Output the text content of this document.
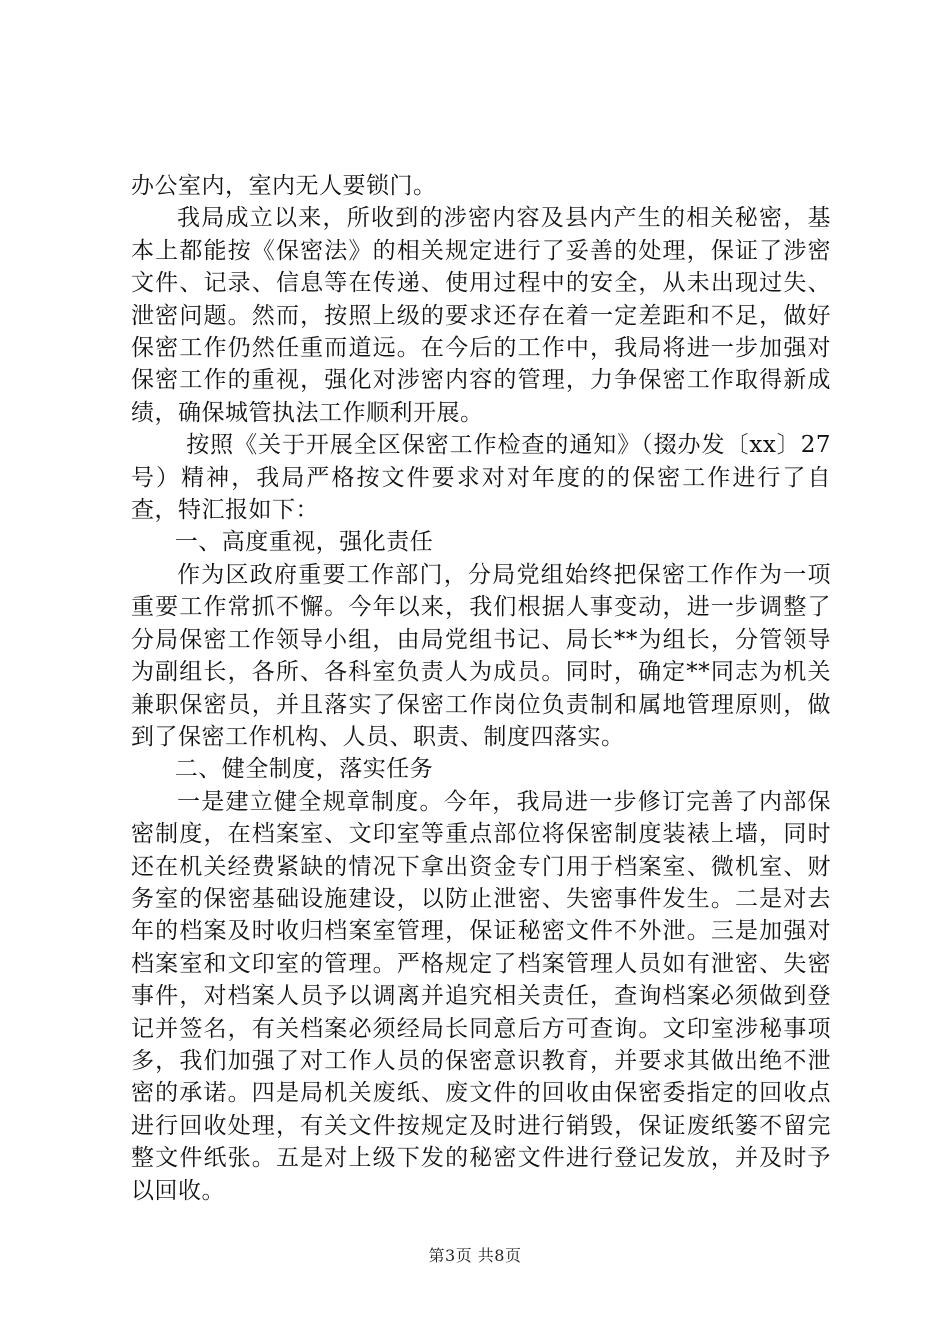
办公室内，室内无人要锁门。

我局成立以来，所收到的涉密内容及县内产生的相关秘密，基本上都能按《保密法》的相关规定进行了妥善的处理，保证了涉密文件、记录、信息等在传递、使用过程中的安全，从未出现过失、泄密问题。然而，按照上级的要求还存在着一定差距和不足，做好保密工作仍然任重而道远。在今后的工作中，我局将进一步加强对保密工作的重视，强化对涉密内容的管理，力争保密工作取得新成绩，确保城管执法工作顺利开展。

按照《关于开展全区保密工作检查的通知》（掇办发〔xx〕27号）精神，我局严格按文件要求对对年度的的保密工作进行了自查，特汇报如下：

一、高度重视，强化责任

作为区政府重要工作部门，分局党组始终把保密工作作为一项重要工作常抓不懈。今年以来，我们根据人事变动，进一步调整了分局保密工作领导小组，由局党组书记、局长**为组长，分管领导为副组长，各所、各科室负责人为成员。同时，确定**同志为机关兼职保密员，并且落实了保密工作岗位负责制和属地管理原则，做到了保密工作机构、人员、职责、制度四落实。

二、健全制度，落实任务

一是建立健全规章制度。今年，我局进一步修订完善了内部保密制度，在档案室、文印室等重点部位将保密制度装裱上墙，同时还在机关经费紧缺的情况下拿出资金专门用于档案室、微机室、财务室的保密基础设施建设，以防止泄密、失密事件发生。二是对去年的档案及时收归档案室管理，保证秘密文件不外泄。三是加强对档案室和文印室的管理。严格规定了档案管理人员如有泄密、失密事件，对档案人员予以调离并追究相关责任，查询档案必须做到登记并签名，有关档案必须经局长同意后方可查询。文印室涉秘事项多，我们加强了对工作人员的保密意识教育，并要求其做出绝不泄密的承诺。四是局机关废纸、废文件的回收由保密委指定的回收点进行回收处理，有关文件按规定及时进行销毁，保证废纸篓不留完整文件纸张。五是对上级下发的秘密文件进行登记发放，并及时予以回收。

第3页 共8页
